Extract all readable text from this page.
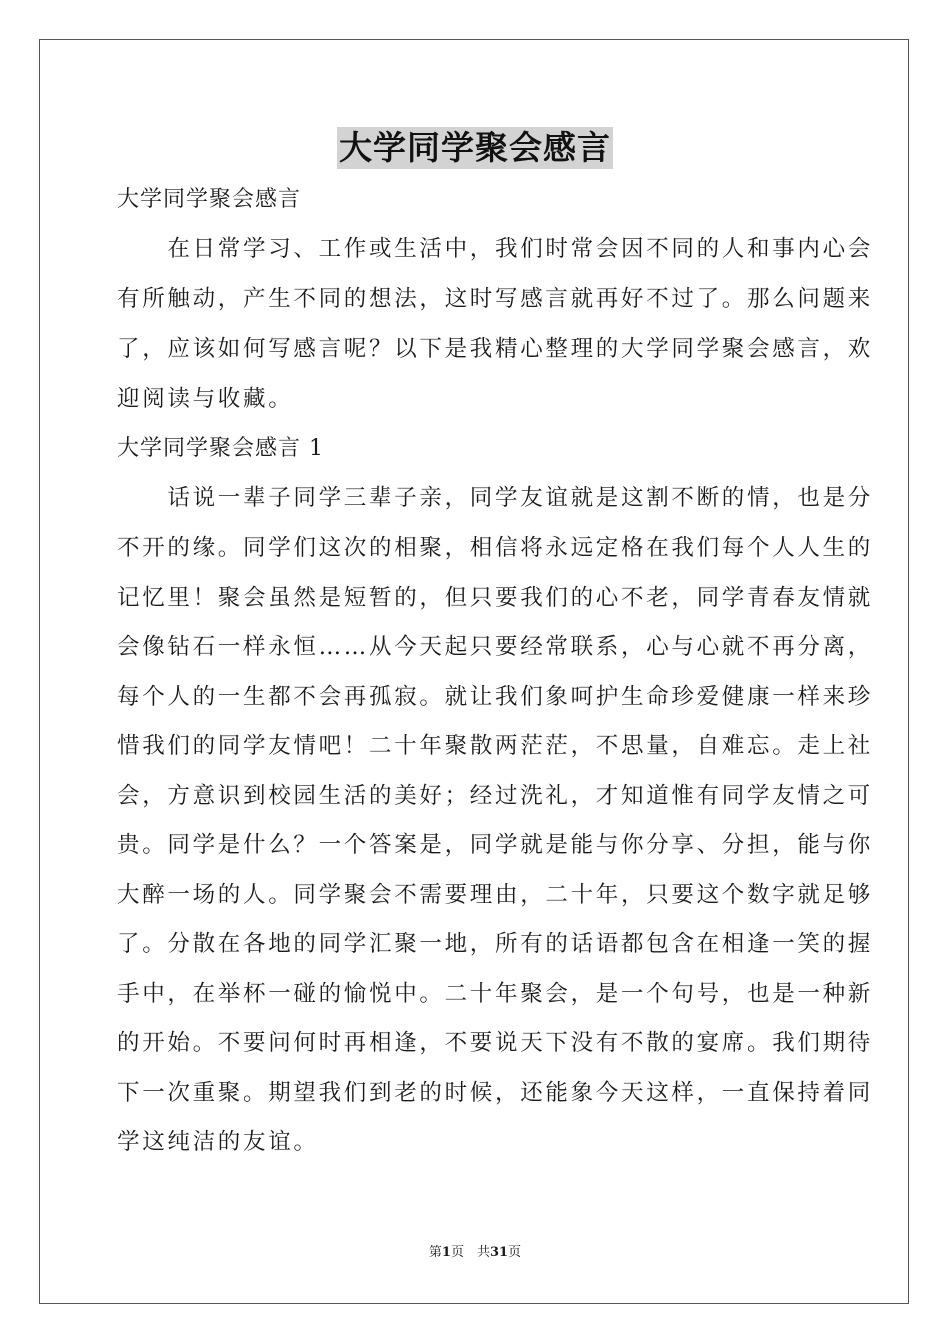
大学同学聚会感言
大学同学聚会感言
　　在日常学习、工作或生活中，我们时常会因不同的人和事内心会
有所触动，产生不同的想法，这时写感言就再好不过了。那么问题来
了，应该如何写感言呢？以下是我精心整理的大学同学聚会感言，欢
迎阅读与收藏。
大学同学聚会感言 1
　　话说一辈子同学三辈子亲，同学友谊就是这割不断的情，也是分
不开的缘。同学们这次的相聚，相信将永远定格在我们每个人人生的
记忆里！聚会虽然是短暂的，但只要我们的心不老，同学青春友情就
会像钻石一样永恒……从今天起只要经常联系，心与心就不再分离，
每个人的一生都不会再孤寂。就让我们象呵护生命珍爱健康一样来珍
惜我们的同学友情吧！二十年聚散两茫茫，不思量，自难忘。走上社
会，方意识到校园生活的美好；经过洗礼，才知道惟有同学友情之可
贵。同学是什么？一个答案是，同学就是能与你分享、分担，能与你
大醉一场的人。同学聚会不需要理由，二十年，只要这个数字就足够
了。分散在各地的同学汇聚一地，所有的话语都包含在相逢一笑的握
手中，在举杯一碰的愉悦中。二十年聚会，是一个句号，也是一种新
的开始。不要问何时再相逢，不要说天下没有不散的宴席。我们期待
下一次重聚。期望我们到老的时候，还能象今天这样，一直保持着同
学这纯洁的友谊。
第1页　共31页
